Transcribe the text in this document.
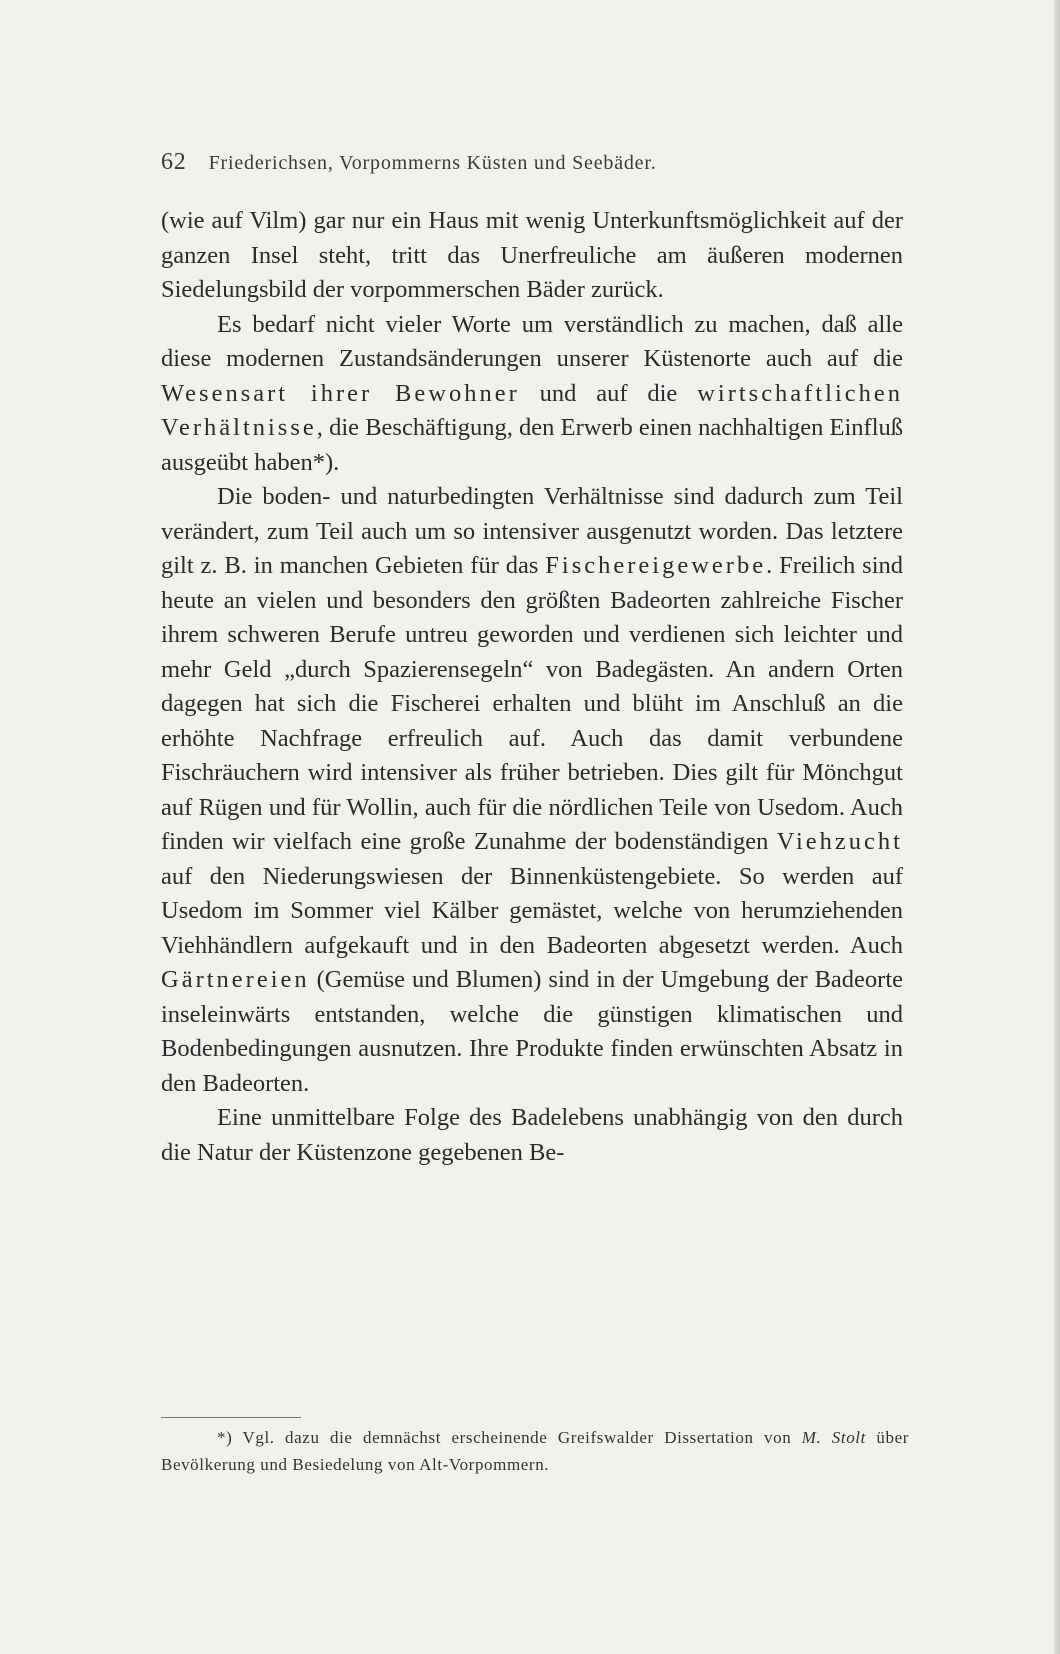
62 Friederichsen, Vorpommerns Küsten und Seebäder.

(wie auf Vilm) gar nur ein Haus mit wenig Unterkunftsmöglichkeit auf der ganzen Insel steht, tritt das Unerfreuliche am äußeren modernen Siedelungsbild der vorpommerschen Bäder zurück.

Es bedarf nicht vieler Worte um verständlich zu machen, daß alle diese modernen Zustandsänderungen unserer Küstenorte auch auf die Wesensart ihrer Bewohner und auf die wirtschaftlichen Verhältnisse, die Beschäftigung, den Erwerb einen nachhaltigen Einfluß ausgeübt haben*).

Die boden- und naturbedingten Verhältnisse sind dadurch zum Teil verändert, zum Teil auch um so intensiver ausgenutzt worden. Das letztere gilt z. B. in manchen Gebieten für das Fischereigewerbe. Freilich sind heute an vielen und besonders den größten Badeorten zahlreiche Fischer ihrem schweren Berufe untreu geworden und verdienen sich leichter und mehr Geld „durch Spazierensegeln“ von Badegästen. An andern Orten dagegen hat sich die Fischerei erhalten und blüht im Anschluß an die erhöhte Nachfrage erfreulich auf. Auch das damit verbundene Fischräuchern wird intensiver als früher betrieben. Dies gilt für Mönchgut auf Rügen und für Wollin, auch für die nördlichen Teile von Usedom. Auch finden wir vielfach eine große Zunahme der bodenständigen Viehzucht auf den Niederungswiesen der Binnenküstengebiete. So werden auf Usedom im Sommer viel Kälber gemästet, welche von herumziehenden Viehhändlern aufgekauft und in den Badeorten abgesetzt werden. Auch Gärtnereien (Gemüse und Blumen) sind in der Umgebung der Badeorte inseleinwärts entstanden, welche die günstigen klimatischen und Bodenbedingungen ausnutzen. Ihre Produkte finden erwünschten Absatz in den Badeorten.

Eine unmittelbare Folge des Badelebens unabhängig von den durch die Natur der Küstenzone gegebenen Be-

*) Vgl. dazu die demnächst erscheinende Greifswalder Dissertation von M. Stolt über Bevölkerung und Besiedelung von Alt-Vorpommern.
